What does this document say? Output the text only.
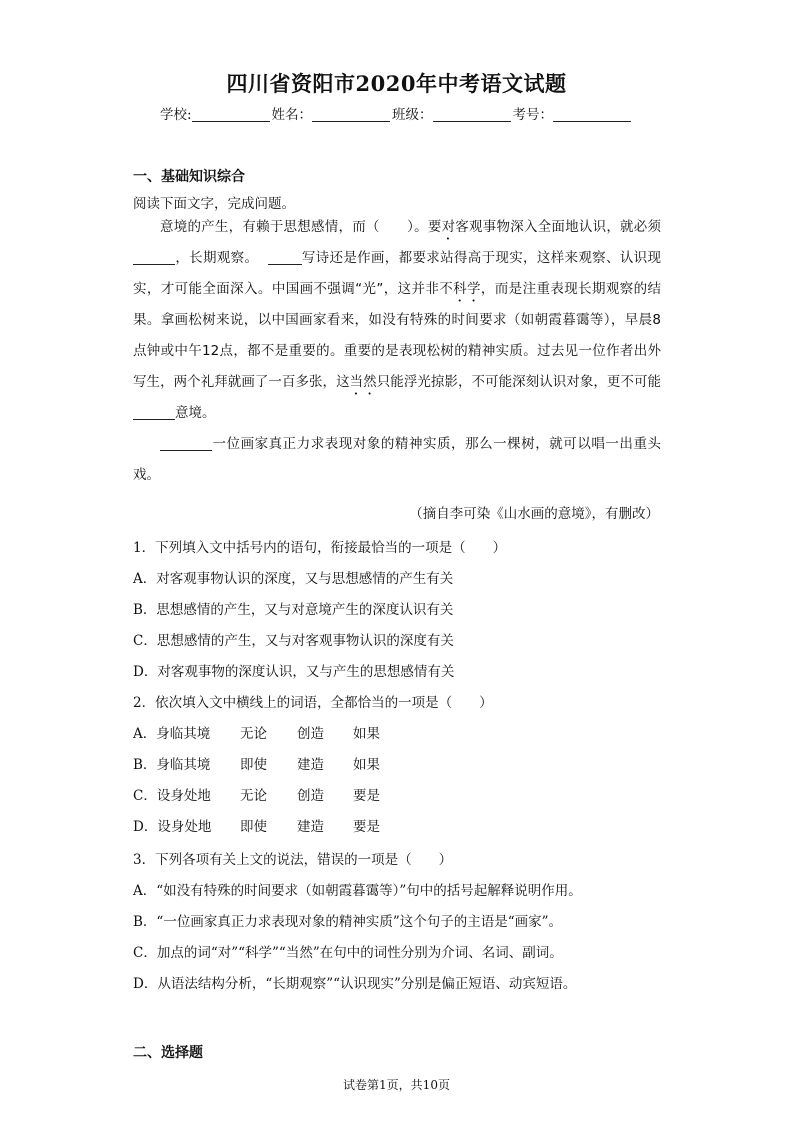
四川省资阳市2020年中考语文试题
学校:	姓名：	班级：	考号：
一、基础知识综合
阅读下面文字，完成问题。

意境的产生，有赖于思想感情，而（　　）。要对客观事物深入全面地认识，就必须，长期观察。	写诗还是作画，都要求站得高于现实，这样来观察、认识现实，才可能全面深入。中国画不强调“光”，这并非不科学，而是注重表现长期观察的结果。拿画松树来说，以中国画家看来，如没有特殊的时间要求（如朝霞暮霭等），早晨8点钟或中午12点，都不是重要的。重要的是表现松树的精神实质。过去见一位作者出外写生，两个礼拜就画了一百多张，这当然只能浮光掠影，不可能深刻认识对象，更不可能意境。

一位画家真正力求表现对象的精神实质，那么一棵树，就可以唱一出重头戏。

（摘自李可染《山水画的意境》，有删改）
1．下列填入文中括号内的语句，衔接最恰当的一项是（　　）
A．对客观事物认识的深度，又与思想感情的产生有关
B．思想感情的产生，又与对意境产生的深度认识有关
C．思想感情的产生，又与对客观事物认识的深度有关
D．对客观事物的深度认识，又与产生的思想感情有关
2．依次填入文中横线上的词语，全都恰当的一项是（　　）
A．身临其境 无论 创造 如果
B．身临其境 即使 建造 如果
C．设身处地 无论 创造 要是
D．设身处地 即使 建造 要是
3．下列各项有关上文的说法，错误的一项是（　　）
A．“如没有特殊的时间要求（如朝霞暮霭等）”句中的括号起解释说明作用。
B．“一位画家真正力求表现对象的精神实质”这个句子的主语是“画家”。
C．加点的词“对”“科学”“当然”在句中的词性分别为介词、名词、副词。
D．从语法结构分析，“长期观察”“认识现实”分别是偏正短语、动宾短语。
二、选择题
试卷第1页，共10页
